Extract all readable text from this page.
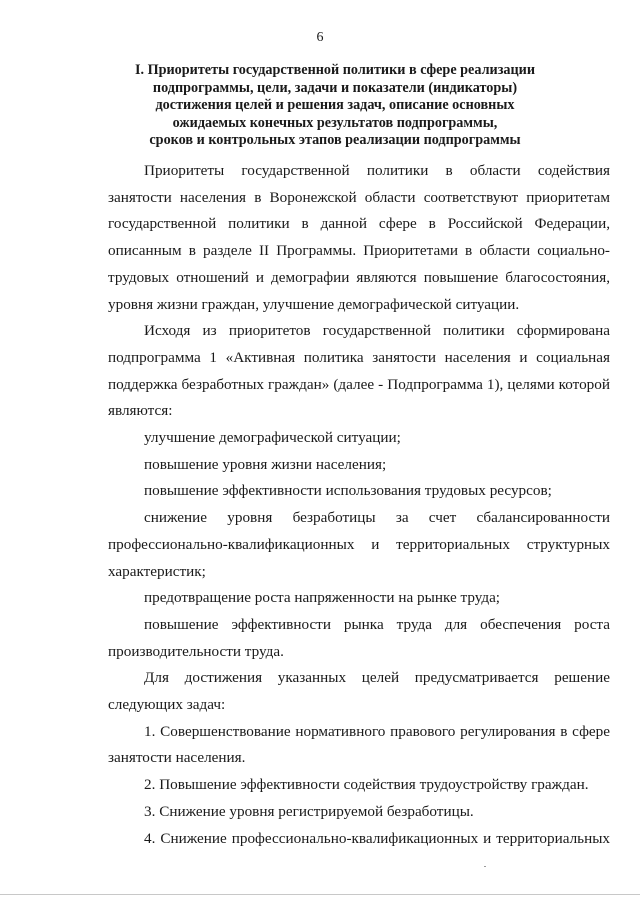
6
I. Приоритеты государственной политики в сфере реализации
подпрограммы, цели, задачи и показатели (индикаторы)
достижения целей и решения задач, описание основных
ожидаемых конечных результатов подпрограммы,
сроков и контрольных этапов реализации подпрограммы

Приоритеты государственной политики в области содействия занятости населения в Воронежской области соответствуют приоритетам государственной политики в данной сфере в Российской Федерации, описанным в разделе II Программы. Приоритетами в области социально-трудовых отношений и демографии являются повышение благосостояния, уровня жизни граждан, улучшение демографической ситуации.

Исходя из приоритетов государственной политики сформирована подпрограмма 1 «Активная политика занятости населения и социальная поддержка безработных граждан» (далее - Подпрограмма 1), целями которой являются:

улучшение демографической ситуации;

повышение уровня жизни населения;

повышение эффективности использования трудовых ресурсов;

снижение уровня безработицы за счет сбалансированности профессионально-квалификационных и территориальных структурных характеристик;

предотвращение роста напряженности на рынке труда;

повышение эффективности рынка труда для обеспечения роста производительности труда.

Для достижения указанных целей предусматривается решение следующих задач:

1. Совершенствование нормативного правового регулирования в сфере занятости населения.

2. Повышение эффективности содействия трудоустройству граждан.

3. Снижение уровня регистрируемой безработицы.

4. Снижение профессионально-квалификационных и территориальных
